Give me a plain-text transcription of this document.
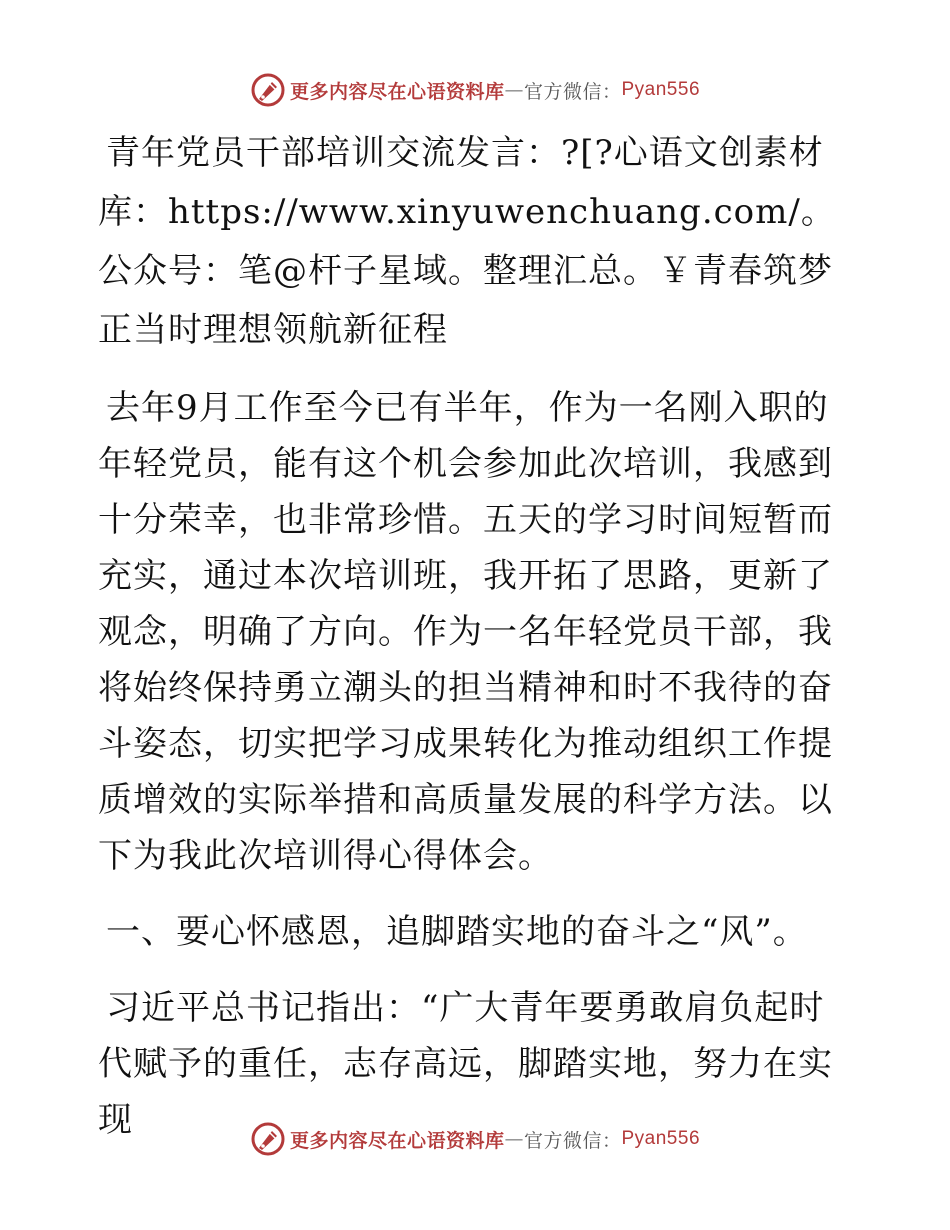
更多内容尽在心语资料库 — 官方微信： Pyan556

青年党员干部培训交流发言：?[?心语文创素材库：https://www.xinyuwenchuang.com/。公众号：笔@杆子星域。整理汇总。￥青春筑梦正当时理想领航新征程

去年9月工作至今已有半年，作为一名刚入职的年轻党员，能有这个机会参加此次培训，我感到十分荣幸，也非常珍惜。五天的学习时间短暂而充实，通过本次培训班，我开拓了思路，更新了观念，明确了方向。作为一名年轻党员干部，我将始终保持勇立潮头的担当精神和时不我待的奋斗姿态，切实把学习成果转化为推动组织工作提质增效的实际举措和高质量发展的科学方法。以下为我此次培训得心得体会。

一、要心怀感恩，追脚踏实地的奋斗之“风”。

习近平总书记指出：“广大青年要勇敢肩负起时代赋予的重任，志存高远，脚踏实地，努力在实现

更多内容尽在心语资料库 — 官方微信： Pyan556
